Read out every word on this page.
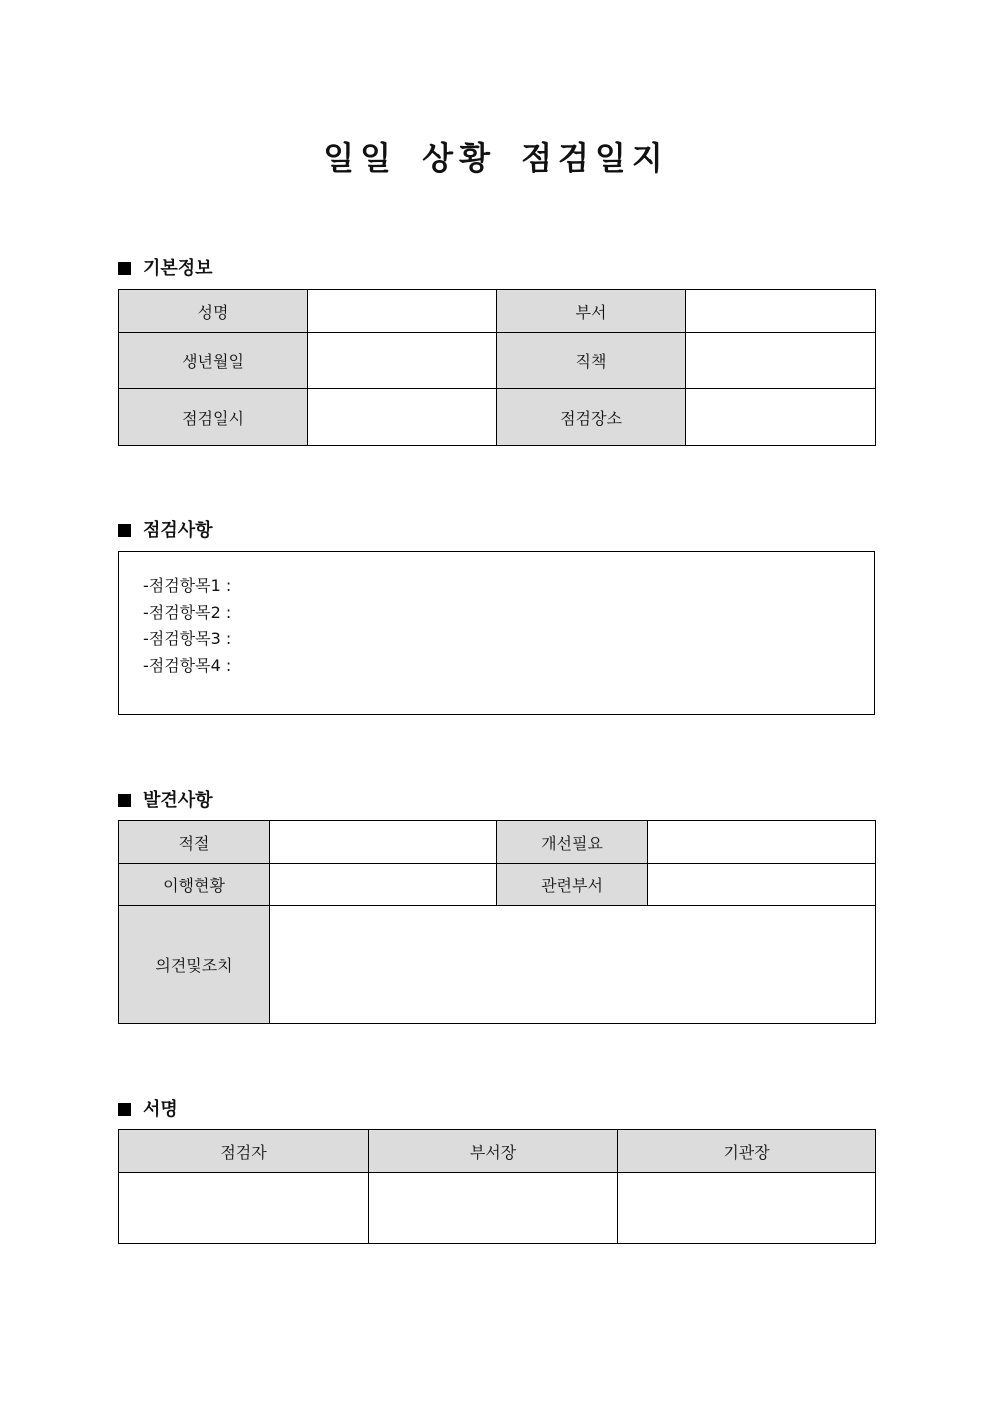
일일 상황 점검일지
기본정보
성명		부서	
생년월일		직책	
점검일시		점검장소	
점검사항
-점검항목1 :
-점검항목2 :
-점검항목3 :
-점검항목4 :
발견사항
적절		개선필요	
이행현황		관련부서	
의견및조치			
서명
점검자	부서장	기관장
